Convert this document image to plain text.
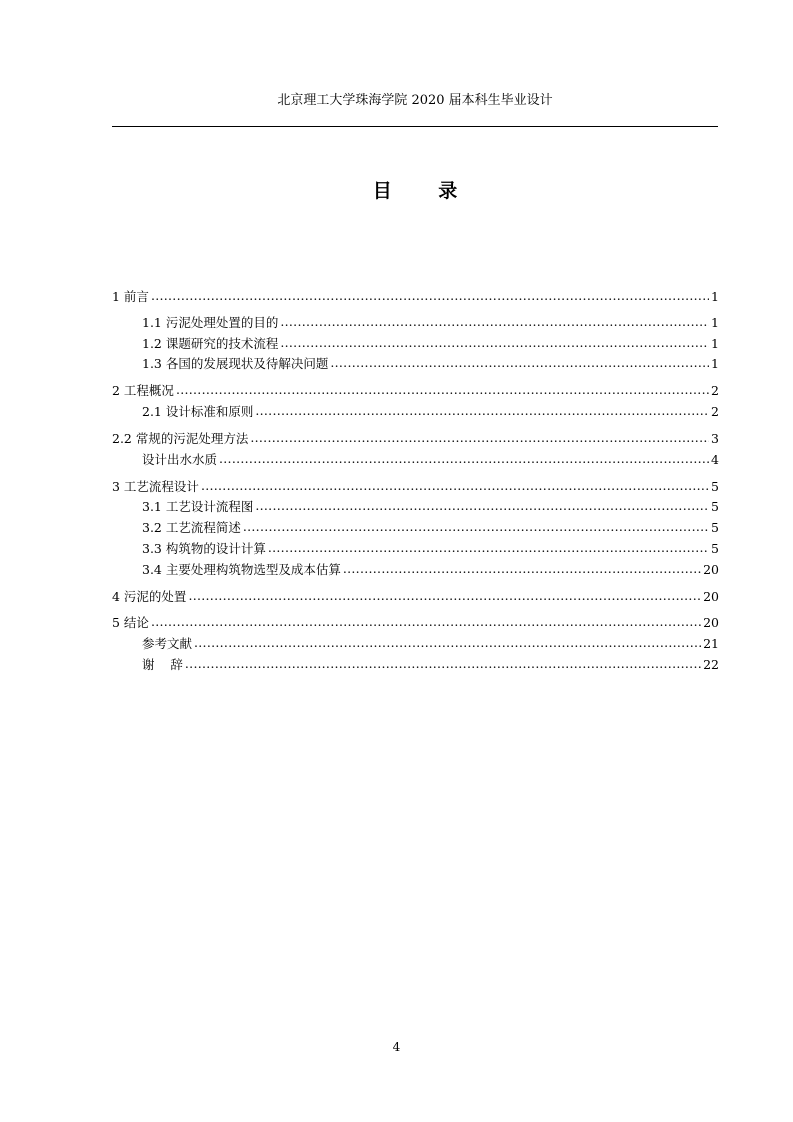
北京理工大学珠海学院 2020 届本科生毕业设计
目 录
1 前言 .....	1
1.1 污泥处理处置的目的 .....	1
1.2 课题研究的技术流程 .....	1
1.3 各国的发展现状及待解决问题 .....	1
2 工程概况 .....	2
2.1 设计标准和原则 .....	2
2.2 常规的污泥处理方法 .....	3
设计出水水质 .....	4
3 工艺流程设计 .....	5
3.1 工艺设计流程图 .....	5
3.2 工艺流程简述 .....	5
3.3 构筑物的设计计算 .....	5
3.4 主要处理构筑物选型及成本估算 .....	20
4 污泥的处置 .....	20
5 结论 .....	20
参考文献 .....	21
谢    辞 .....	22
4
